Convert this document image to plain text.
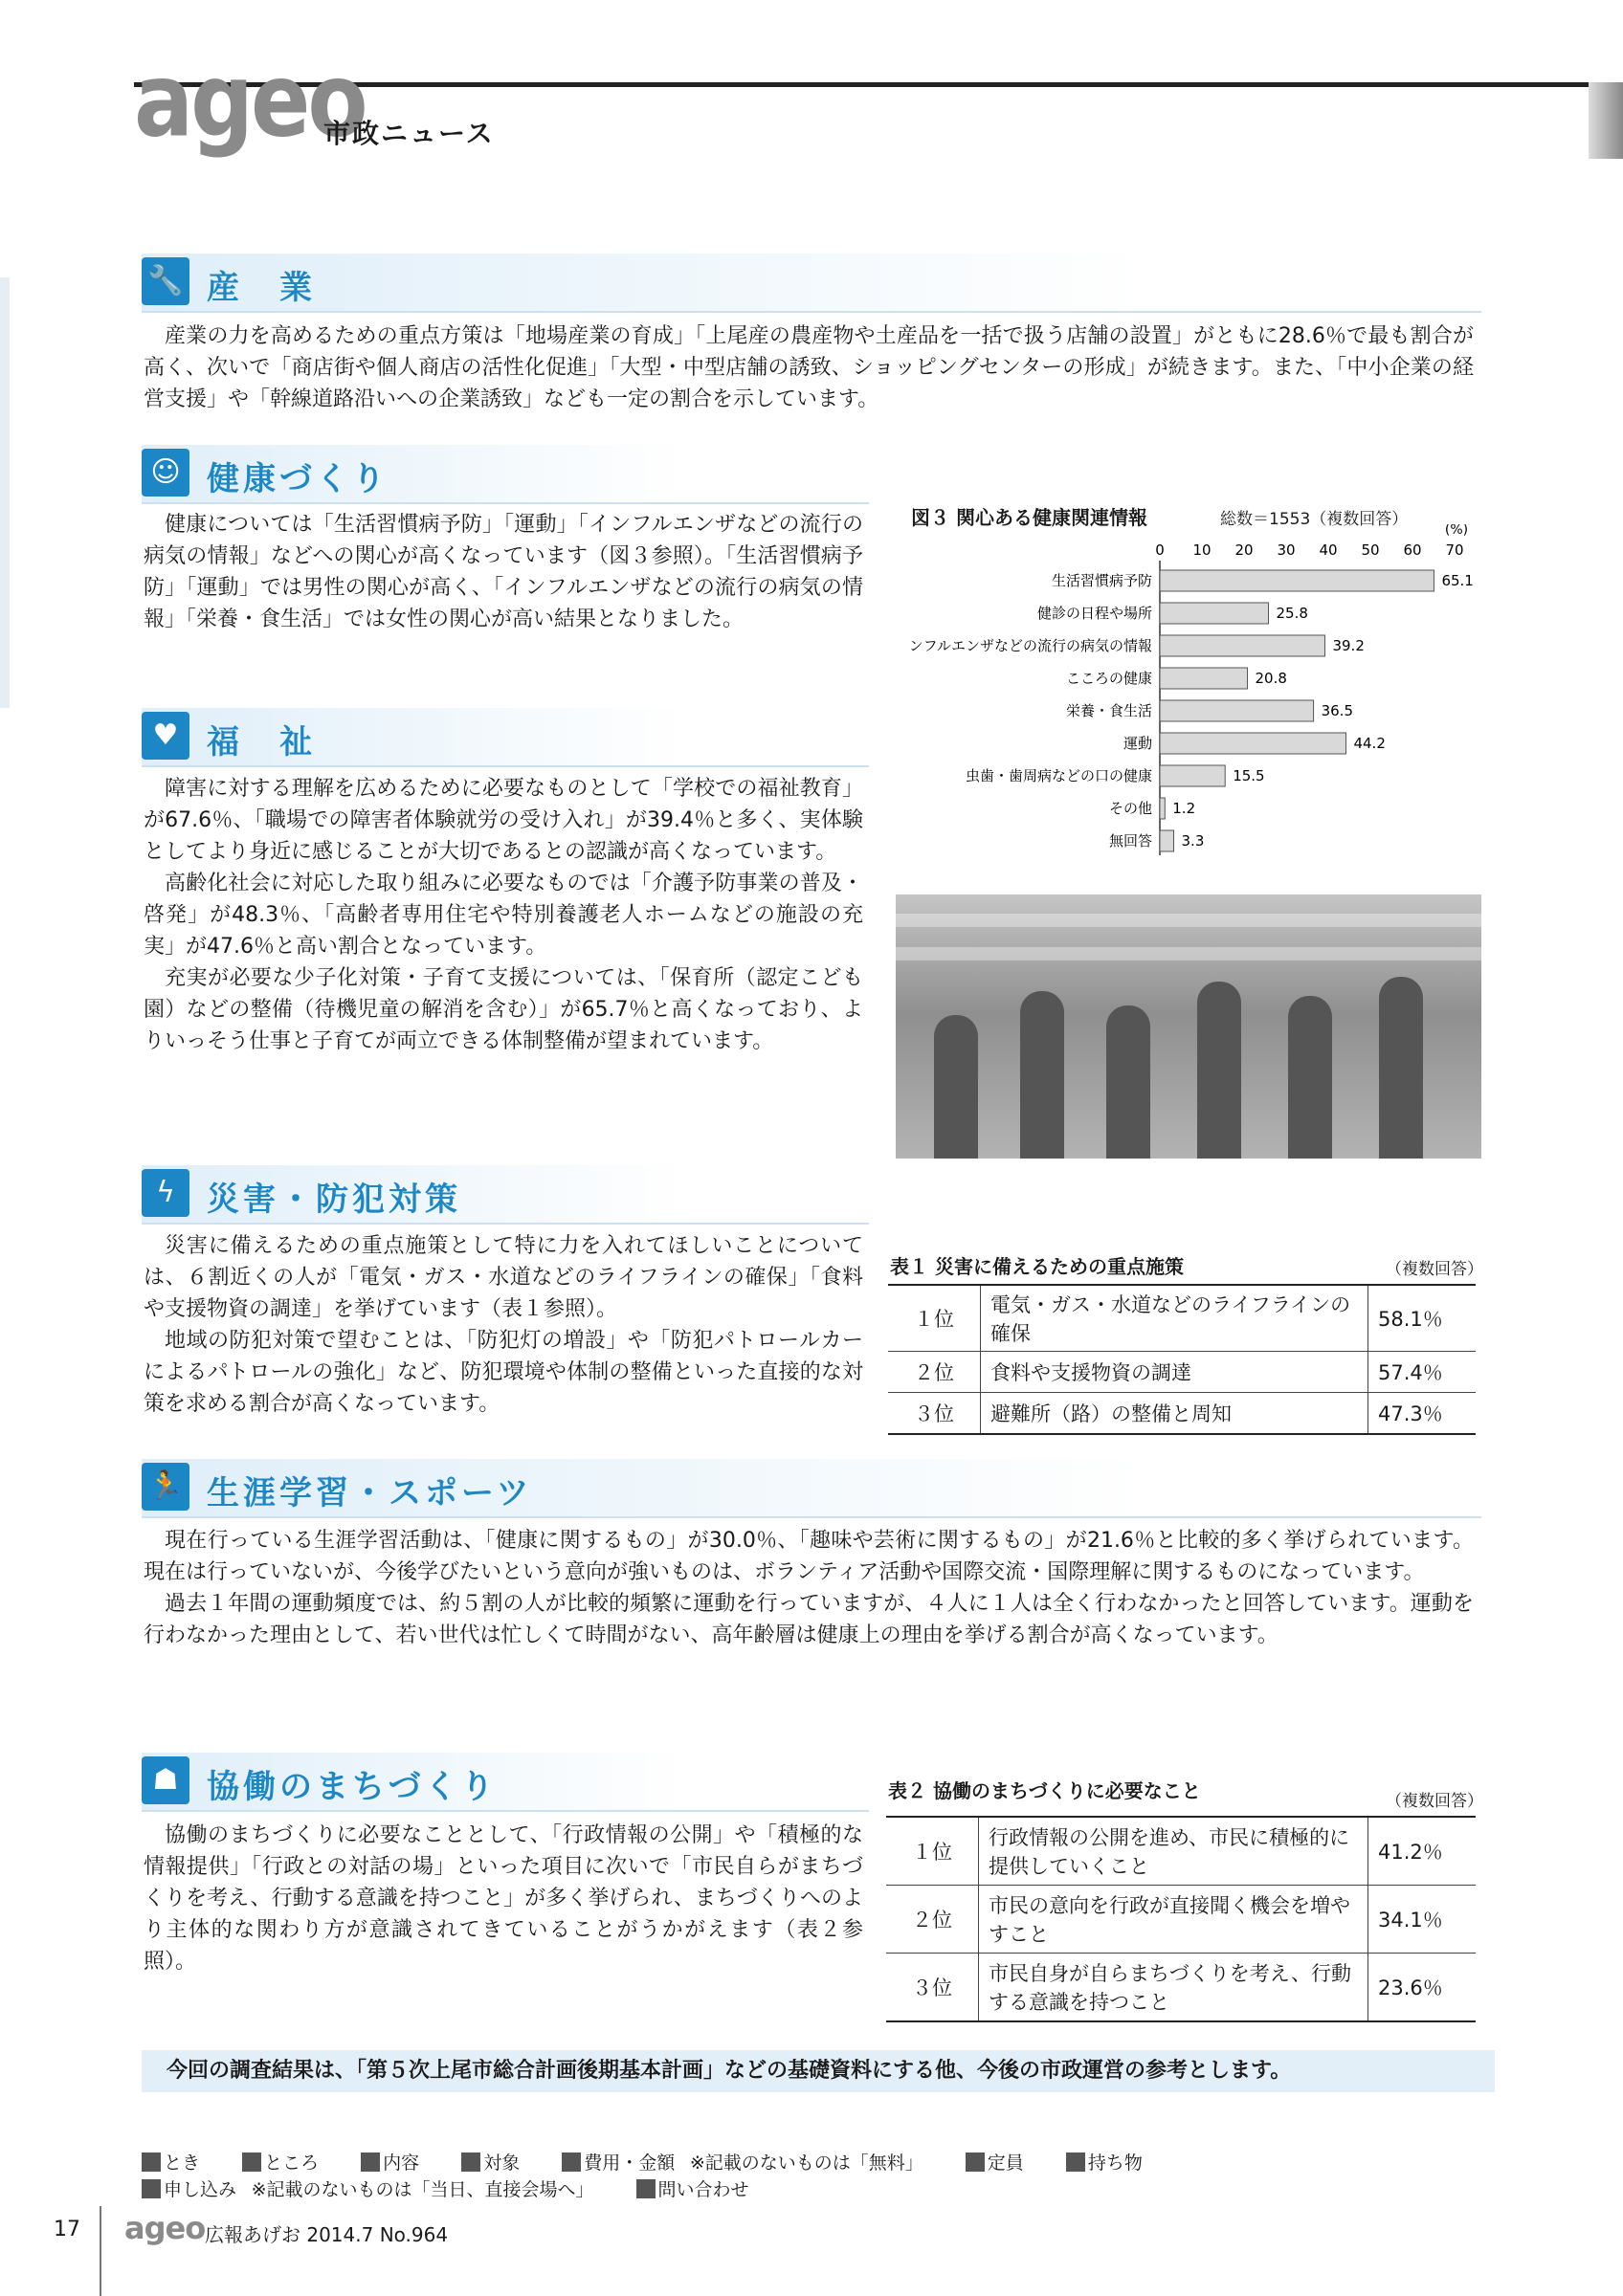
ageo
市政ニュース
🔧 産　業

産業の力を高めるための重点方策は「地場産業の育成」「上尾産の農産物や土産品を一括で扱う店舗の設置」がともに28.6％で最も割合が高く、次いで「商店街や個人商店の活性化促進」「大型・中型店舗の誘致、ショッピングセンターの形成」が続きます。また、「中小企業の経営支援」や「幹線道路沿いへの企業誘致」なども一定の割合を示しています。

☺ 健康づくり

健康については「生活習慣病予防」「運動」「インフルエンザなどの流行の病気の情報」などへの関心が高くなっています（図３参照）。「生活習慣病予防」「運動」では男性の関心が高く、「インフルエンザなどの流行の病気の情報」「栄養・食生活」では女性の関心が高い結果となりました。

♥ 福　祉

障害に対する理解を広めるために必要なものとして「学校での福祉教育」が67.6％、「職場での障害者体験就労の受け入れ」が39.4％と多く、実体験としてより身近に感じることが大切であるとの認識が高くなっています。

高齢化社会に対応した取り組みに必要なものでは「介護予防事業の普及・啓発」が48.3％、「高齢者専用住宅や特別養護老人ホームなどの施設の充実」が47.6％と高い割合となっています。

充実が必要な少子化対策・子育て支援については、「保育所（認定こども園）などの整備（待機児童の解消を含む）」が65.7％と高くなっており、よりいっそう仕事と子育てが両立できる体制整備が望まれています。

図３ 関心ある健康関連情報	総数＝1553（複数回答）
(%)
0 10 20 30 40 50 60 70
生活習慣病予防	65.1
健診の日程や場所	25.8
インフルエンザなどの流行の病気の情報	39.2
こころの健康	20.8
栄養・食生活	36.5
運動	44.2
虫歯・歯周病などの口の健康	15.5
その他 1.2
無回答 3.3
ϟ 災害・防犯対策

災害に備えるための重点施策として特に力を入れてほしいことについては、６割近くの人が「電気・ガス・水道などのライフラインの確保」「食料や支援物資の調達」を挙げています（表１参照）。

地域の防犯対策で望むことは、「防犯灯の増設」や「防犯パトロールカーによるパトロールの強化」など、防犯環境や体制の整備といった直接的な対策を求める割合が高くなっています。

表１ 災害に備えるための重点施策	（複数回答）
１位	電気・ガス・水道などのライフラインの確保	58.1％
２位	食料や支援物資の調達	57.4％
３位	避難所（路）の整備と周知	47.3％
🏃 生涯学習・スポーツ

現在行っている生涯学習活動は、「健康に関するもの」が30.0％、「趣味や芸術に関するもの」が21.6％と比較的多く挙げられています。現在は行っていないが、今後学びたいという意向が強いものは、ボランティア活動や国際交流・国際理解に関するものになっています。

過去１年間の運動頻度では、約５割の人が比較的頻繁に運動を行っていますが、４人に１人は全く行わなかったと回答しています。運動を行わなかった理由として、若い世代は忙しくて時間がない、高年齢層は健康上の理由を挙げる割合が高くなっています。

☗ 協働のまちづくり

協働のまちづくりに必要なこととして、「行政情報の公開」や「積極的な情報提供」「行政との対話の場」といった項目に次いで「市民自らがまちづくりを考え、行動する意識を持つこと」が多く挙げられ、まちづくりへのより主体的な関わり方が意識されてきていることがうかがえます（表２参照）。

表２ 協働のまちづくりに必要なこと	（複数回答）
１位	行政情報の公開を進め、市民に積極的に提供していくこと	41.2％
２位	市民の意向を行政が直接聞く機会を増やすこと	34.1％
３位	市民自身が自らまちづくりを考え、行動する意識を持つこと	23.6％
今回の調査結果は、「第５次上尾市総合計画後期基本計画」などの基礎資料にする他、今後の市政運営の参考とします。
とき  	ところ  	内容  	対象  	費用・金額  ※記載のないものは「無料」  	定員  	持ち物
申し込み  ※記載のないものは「当日、直接会場へ」  	問い合わせ
17 ageo 広報あげお 2014.7 No.964
